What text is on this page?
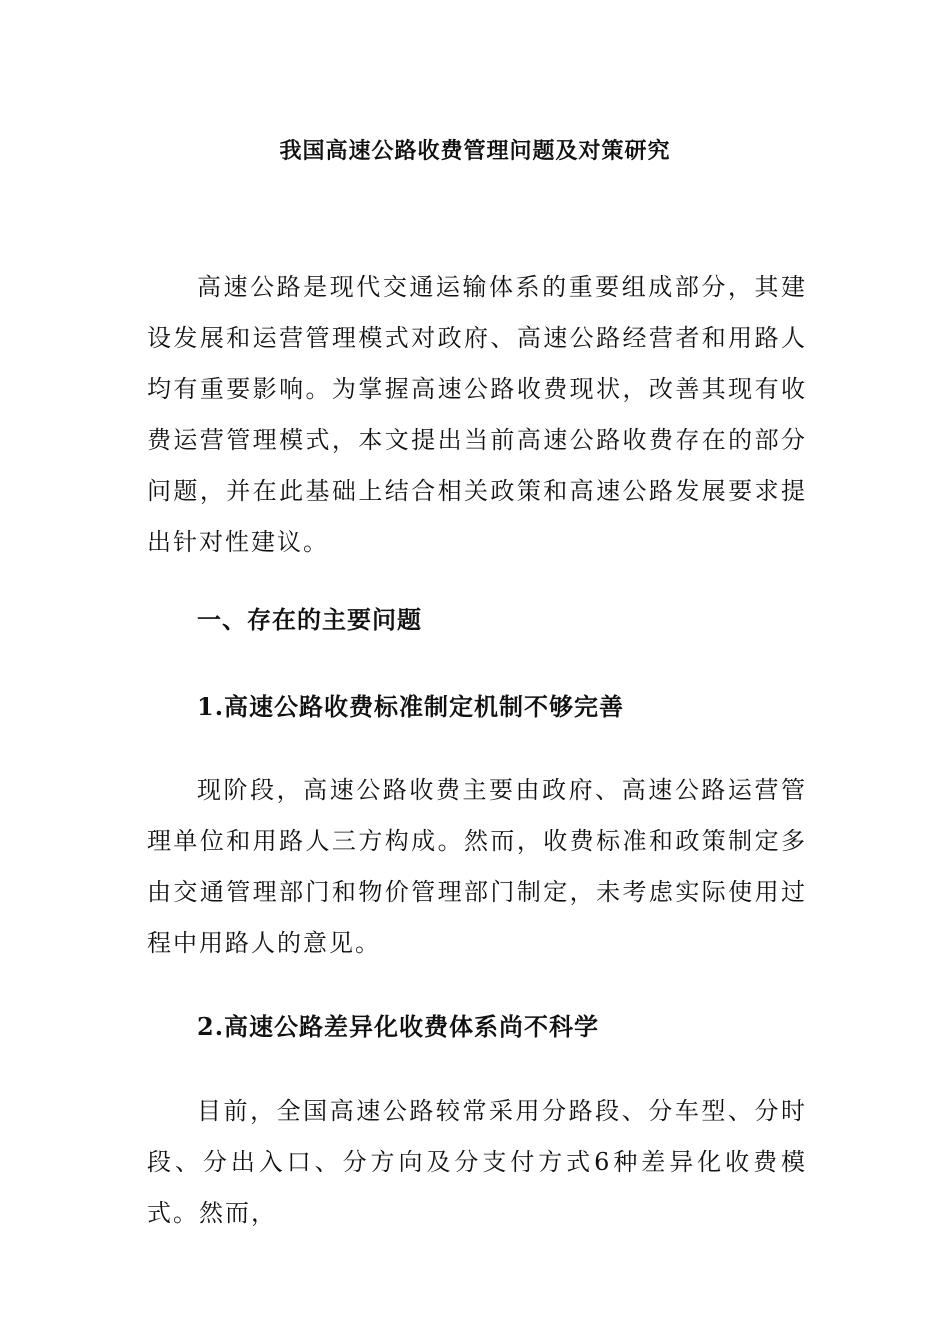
我国高速公路收费管理问题及对策研究

高速公路是现代交通运输体系的重要组成部分，其建设发展和运营管理模式对政府、高速公路经营者和用路人均有重要影响。为掌握高速公路收费现状，改善其现有收费运营管理模式，本文提出当前高速公路收费存在的部分问题，并在此基础上结合相关政策和高速公路发展要求提出针对性建议。

一、存在的主要问题
1.高速公路收费标准制定机制不够完善

现阶段，高速公路收费主要由政府、高速公路运营管理单位和用路人三方构成。然而，收费标准和政策制定多由交通管理部门和物价管理部门制定，未考虑实际使用过程中用路人的意见。

2.高速公路差异化收费体系尚不科学

目前，全国高速公路较常采用分路段、分车型、分时段、分出入口、分方向及分支付方式6种差异化收费模式。然而，
